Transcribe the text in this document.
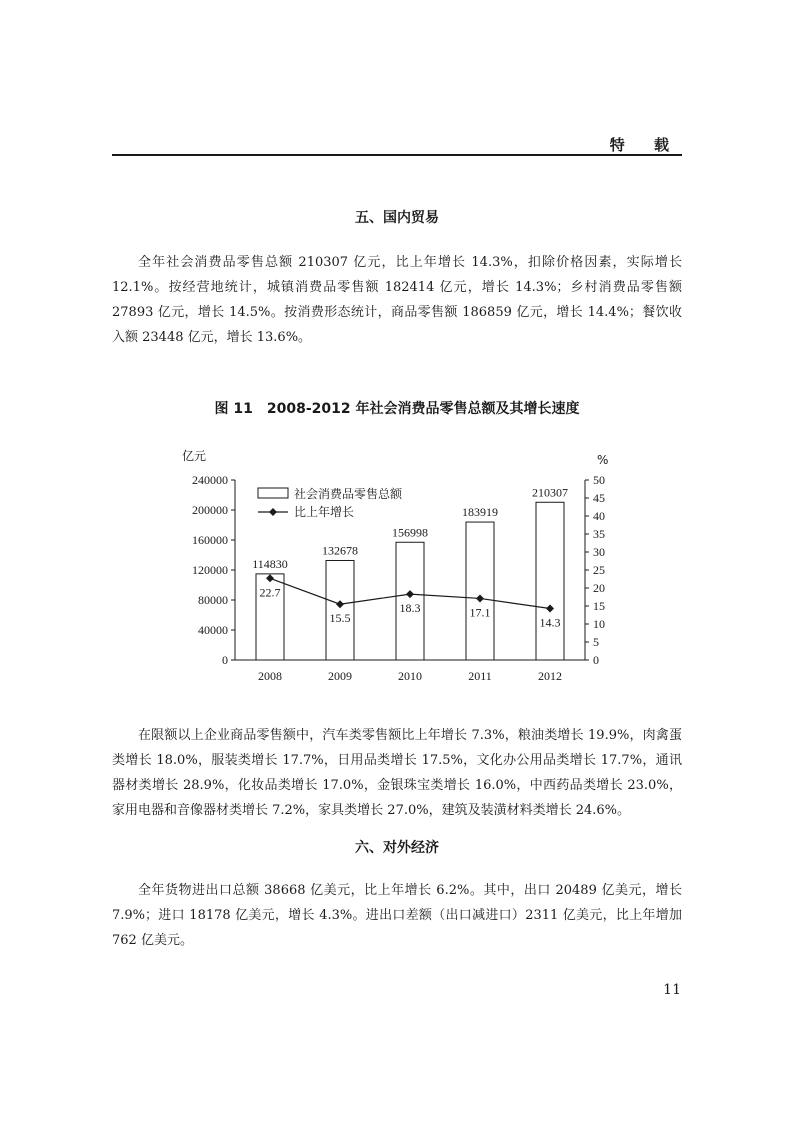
特 载
五、国内贸易
全年社会消费品零售总额 210307 亿元，比上年增长 14.3%，扣除价格因素，实际增长 12.1%。按经营地统计，城镇消费品零售额 182414 亿元，增长 14.3%；乡村消费品零售额 27893 亿元，增长 14.5%。按消费形态统计，商品零售额 186859 亿元，增长 14.4%；餐饮收入额 23448 亿元，增长 13.6%。
图 11　2008-2012 年社会消费品零售总额及其增长速度
亿元	%
0
40000
80000
120000
160000
200000
240000
0
5
10
15
20
25
30
35
40
45
50
2008
114830
2009
132678
2010
156998
2011
183919
2012
210307
22.7
15.5
18.3	17.1
14.3
社会消费品零售总额
比上年增长
在限额以上企业商品零售额中，汽车类零售额比上年增长 7.3%，粮油类增长 19.9%，肉禽蛋类增长 18.0%，服装类增长 17.7%，日用品类增长 17.5%，文化办公用品类增长 17.7%，通讯器材类增长 28.9%，化妆品类增长 17.0%，金银珠宝类增长 16.0%，中西药品类增长 23.0%，家用电器和音像器材类增长 7.2%，家具类增长 27.0%，建筑及装潢材料类增长 24.6%。
六、对外经济
全年货物进出口总额 38668 亿美元，比上年增长 6.2%。其中，出口 20489 亿美元，增长 7.9%；进口 18178 亿美元，增长 4.3%。进出口差额（出口减进口）2311 亿美元，比上年增加 762 亿美元。
11
